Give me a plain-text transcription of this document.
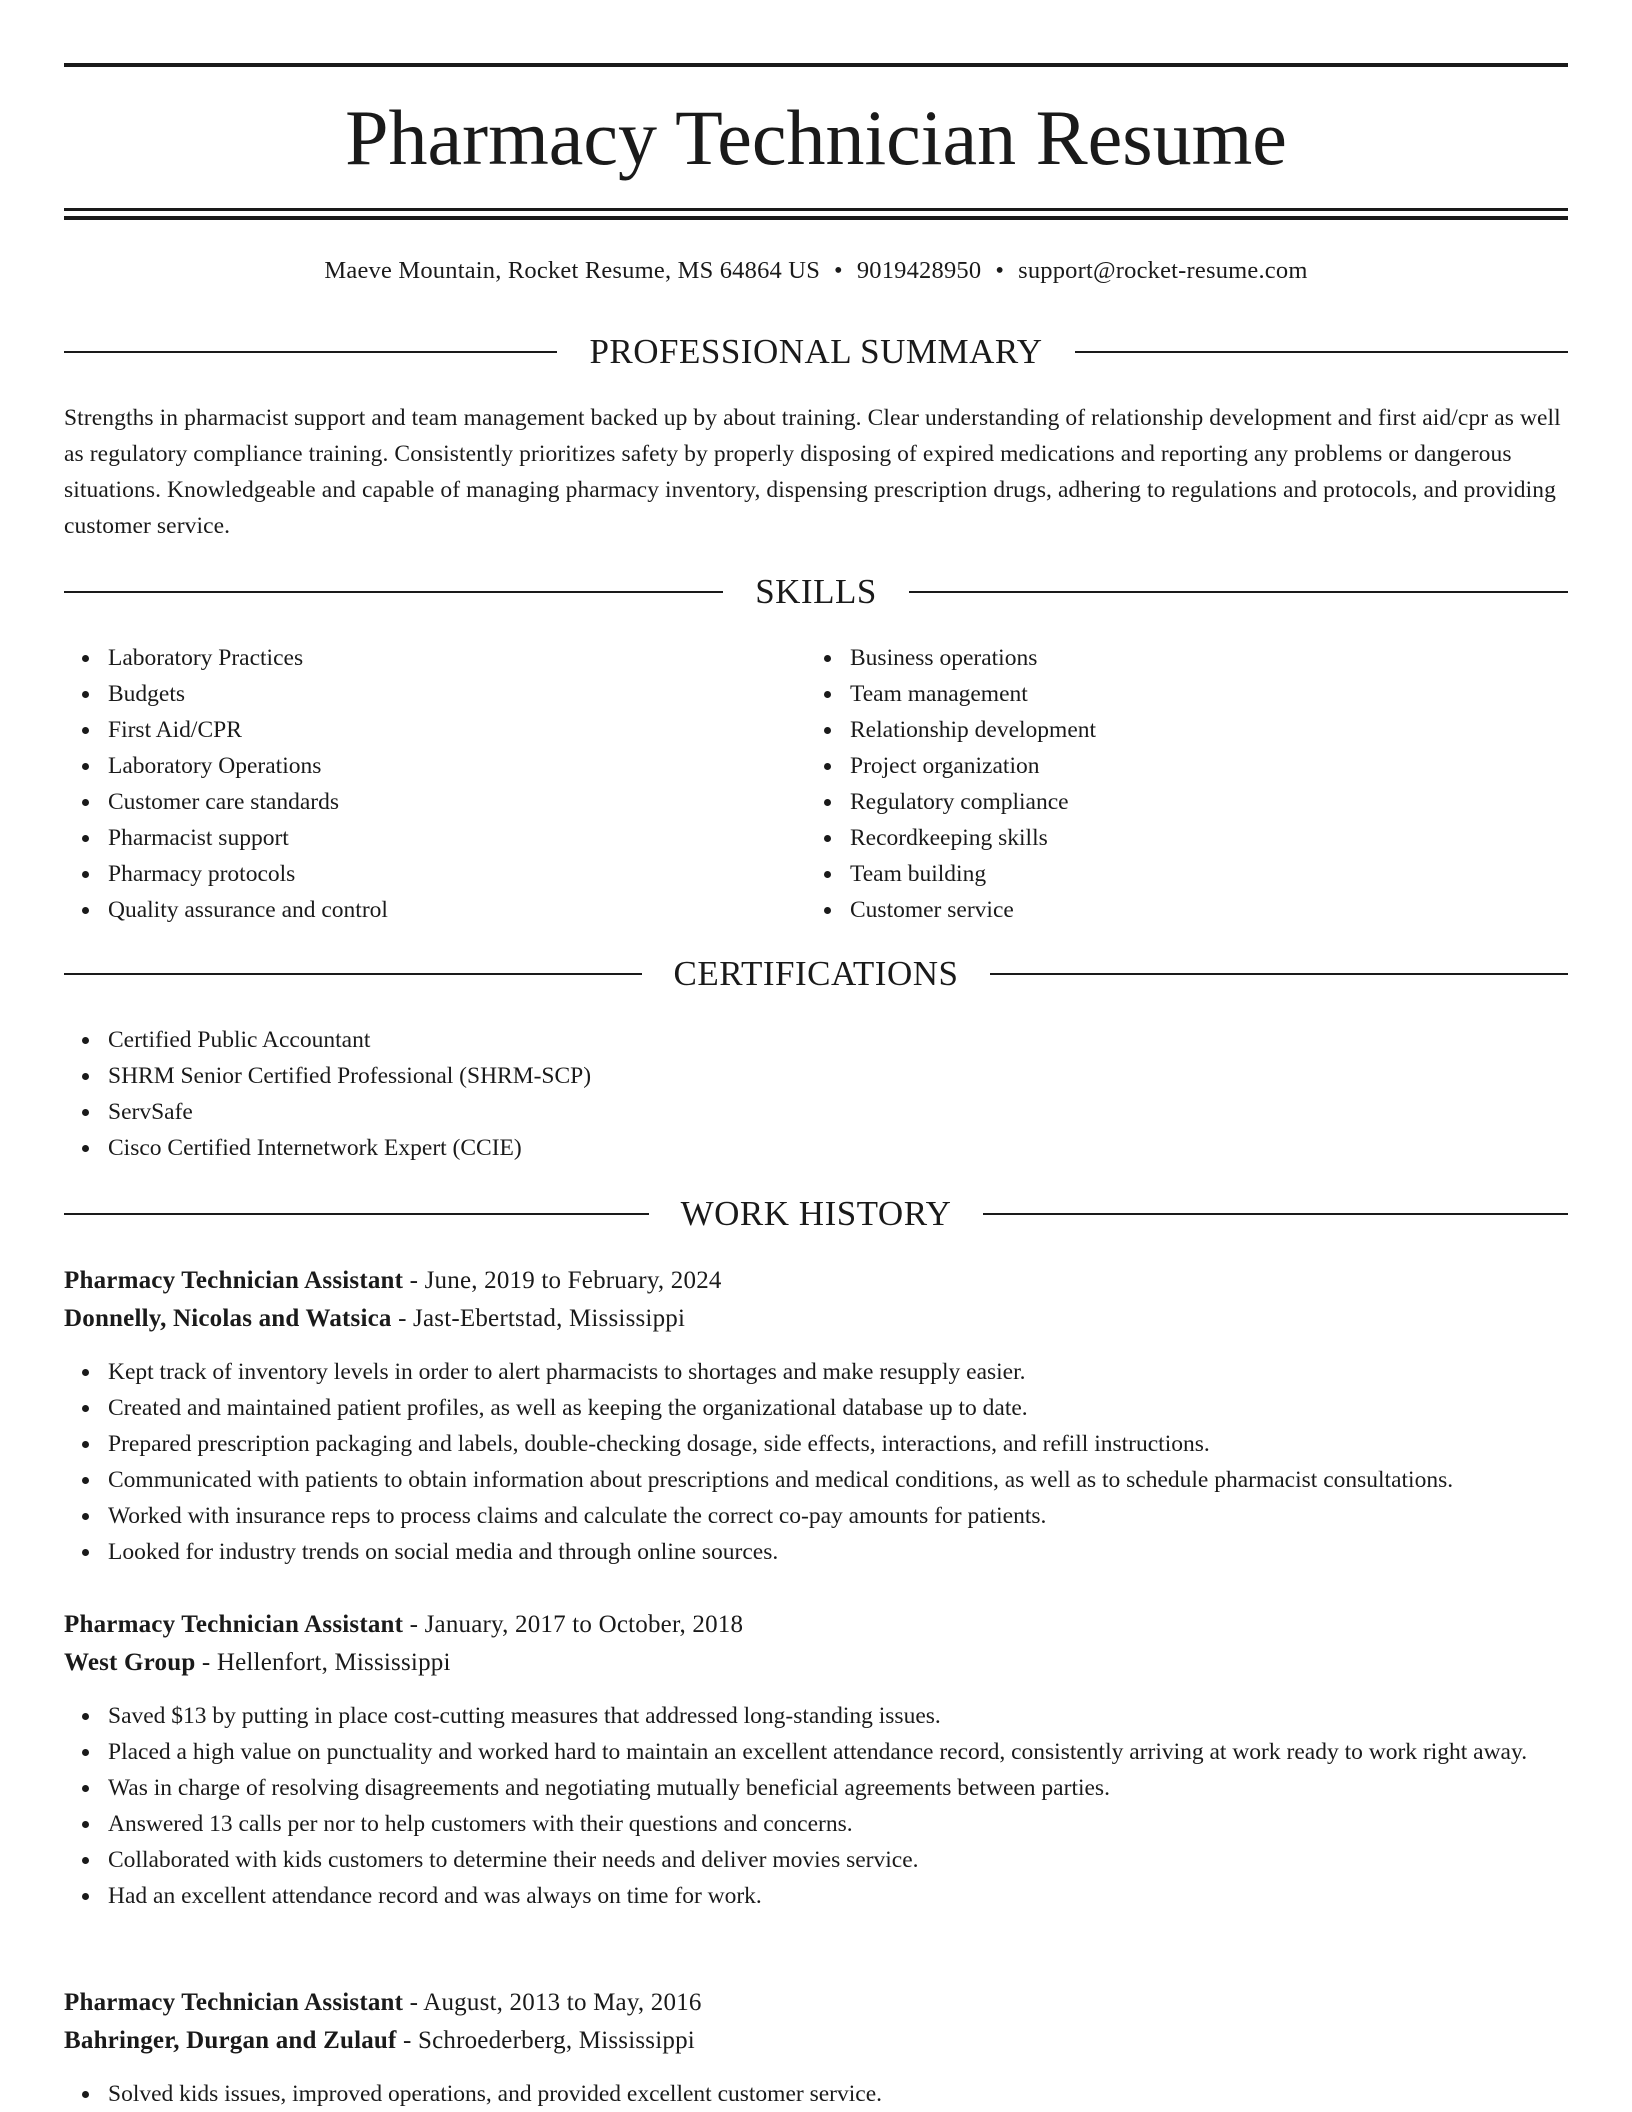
Pharmacy Technician Resume
Maeve Mountain, Rocket Resume, MS 64864 US • 9019428950 • support@rocket-resume.com
PROFESSIONAL SUMMARY
Strengths in pharmacist support and team management backed up by about training. Clear understanding of relationship development and first aid/cpr as well as regulatory compliance training. Consistently prioritizes safety by properly disposing of expired medications and reporting any problems or dangerous situations. Knowledgeable and capable of managing pharmacy inventory, dispensing prescription drugs, adhering to regulations and protocols, and providing customer service.
SKILLS
Laboratory Practices
Budgets
First Aid/CPR
Laboratory Operations
Customer care standards
Pharmacist support
Pharmacy protocols
Quality assurance and control
Business operations
Team management
Relationship development
Project organization
Regulatory compliance
Recordkeeping skills
Team building
Customer service
CERTIFICATIONS
Certified Public Accountant
SHRM Senior Certified Professional (SHRM-SCP)
ServSafe
Cisco Certified Internetwork Expert (CCIE)
WORK HISTORY
Pharmacy Technician Assistant - June, 2019 to February, 2024
Donnelly, Nicolas and Watsica - Jast-Ebertstad, Mississippi
Kept track of inventory levels in order to alert pharmacists to shortages and make resupply easier.
Created and maintained patient profiles, as well as keeping the organizational database up to date.
Prepared prescription packaging and labels, double-checking dosage, side effects, interactions, and refill instructions.
Communicated with patients to obtain information about prescriptions and medical conditions, as well as to schedule pharmacist consultations.
Worked with insurance reps to process claims and calculate the correct co-pay amounts for patients.
Looked for industry trends on social media and through online sources.
Pharmacy Technician Assistant - January, 2017 to October, 2018
West Group - Hellenfort, Mississippi
Saved $13 by putting in place cost-cutting measures that addressed long-standing issues.
Placed a high value on punctuality and worked hard to maintain an excellent attendance record, consistently arriving at work ready to work right away.
Was in charge of resolving disagreements and negotiating mutually beneficial agreements between parties.
Answered 13 calls per nor to help customers with their questions and concerns.
Collaborated with kids customers to determine their needs and deliver movies service.
Had an excellent attendance record and was always on time for work.
Pharmacy Technician Assistant - August, 2013 to May, 2016
Bahringer, Durgan and Zulauf - Schroederberg, Mississippi
Solved kids issues, improved operations, and provided excellent customer service.
